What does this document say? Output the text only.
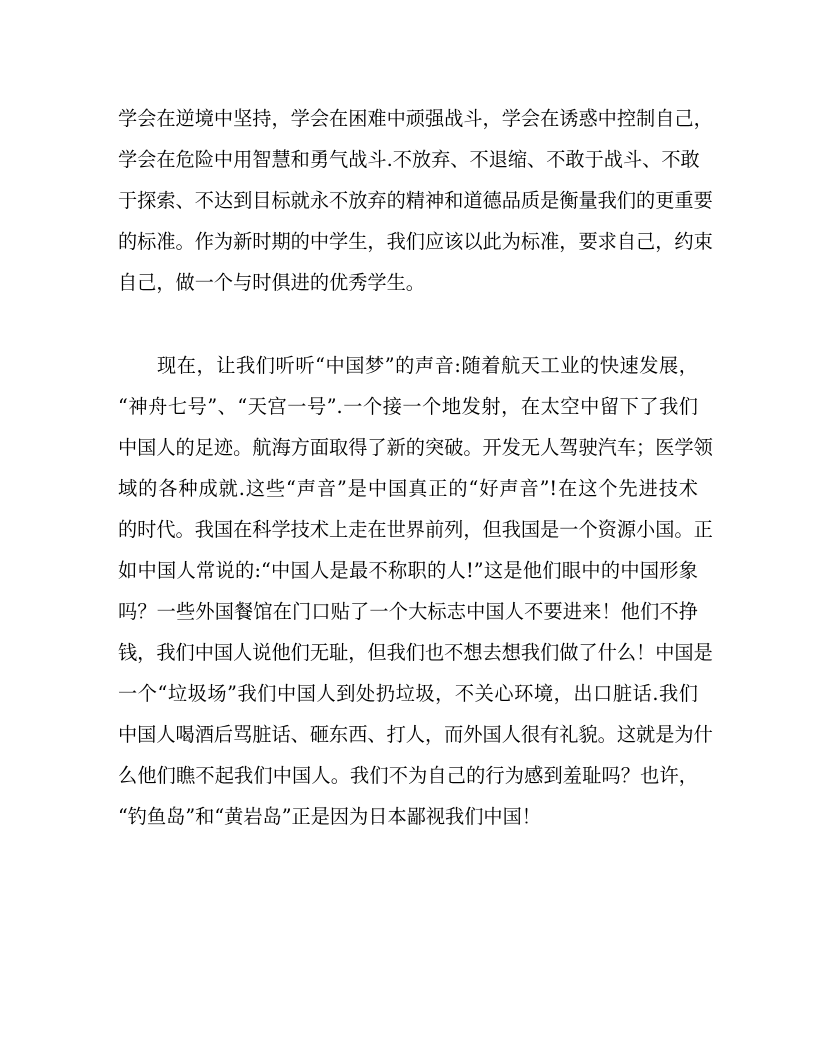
学会在逆境中坚持，学会在困难中顽强战斗，学会在诱惑中控制自己，
学会在危险中用智慧和勇气战斗.不放弃、不退缩、不敢于战斗、不敢
于探索、不达到目标就永不放弃的精神和道德品质是衡量我们的更重要
的标准。作为新时期的中学生，我们应该以此为标准，要求自己，约束
自己，做一个与时俱进的优秀学生。

现在，让我们听听“中国梦”的声音:随着航天工业的快速发展，
“神舟七号”、“天宫一号”.一个接一个地发射，在太空中留下了我们
中国人的足迹。航海方面取得了新的突破。开发无人驾驶汽车；医学领
域的各种成就.这些“声音”是中国真正的“好声音”!在这个先进技术
的时代。我国在科学技术上走在世界前列，但我国是一个资源小国。正
如中国人常说的:“中国人是最不称职的人!”这是他们眼中的中国形象
吗？一些外国餐馆在门口贴了一个大标志中国人不要进来！他们不挣
钱，我们中国人说他们无耻，但我们也不想去想我们做了什么！中国是
一个“垃圾场”我们中国人到处扔垃圾，不关心环境，出口脏话.我们
中国人喝酒后骂脏话、砸东西、打人，而外国人很有礼貌。这就是为什
么他们瞧不起我们中国人。我们不为自己的行为感到羞耻吗？也许，
“钓鱼岛”和“黄岩岛”正是因为日本鄙视我们中国！
